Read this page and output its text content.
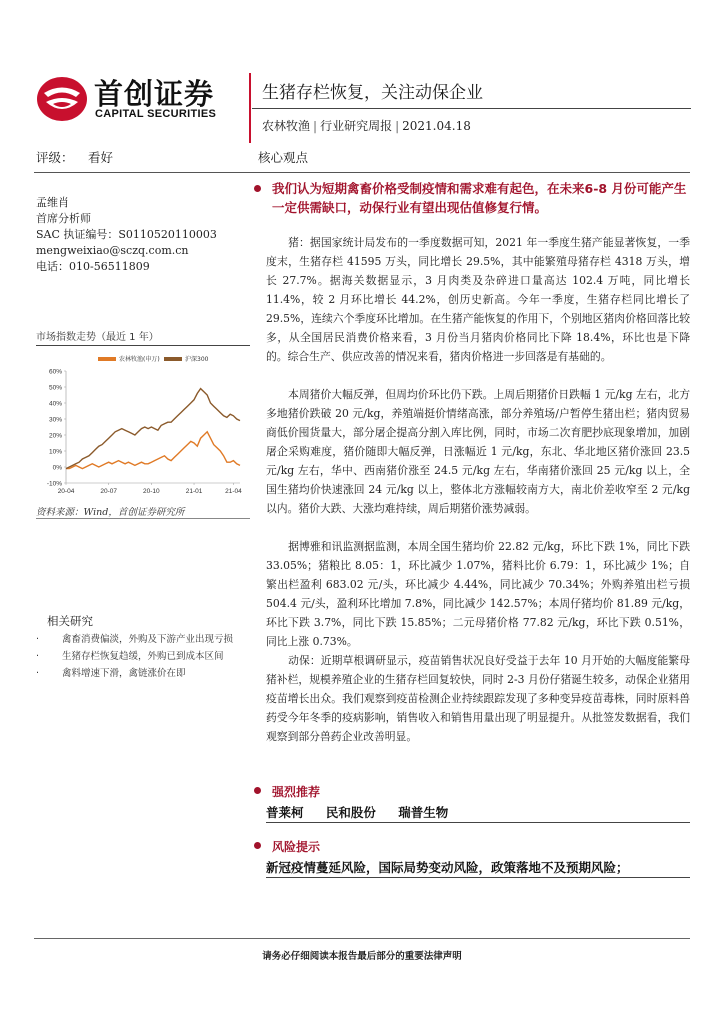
首创证券
CAPITAL SECURITIES
生猪存栏恢复，关注动保企业
农林牧渔 | 行业研究周报 | 2021.04.18
评级： 看好	核心观点
孟维肖
首席分析师
SAC 执证编号：S0110520110003
mengweixiao@sczq.com.cn
电话：010-56511809
市场指数走势（最近 1 年）
-10%
0%
10%
20%
30%
40%
50%
60%
20-04	20-07	20-10	21-01	21-04
农林牧渔(申万)	沪深300
资料来源：Wind，首创证券研究所
相关研究
· 禽畜消费偏淡，外购及下游产业出现亏损
· 生猪存栏恢复趋缓，外购已到成本区间
· 禽料增速下滑，禽链涨价在即
我们认为短期禽畜价格受制疫情和需求难有起色，在未来6-8 月份可能产生一定供需缺口，动保行业有望出现估值修复行情。
猪：据国家统计局发布的一季度数据可知，2021 年一季度生猪产能显著恢复，一季度末，生猪存栏 41595 万头，同比增长 29.5%，其中能繁殖母猪存栏 4318 万头，增长 27.7%。据海关数据显示，3 月肉类及杂碎进口量高达 102.4 万吨，同比增长 11.4%，较 2 月环比增长 44.2%，创历史新高。今年一季度，生猪存栏同比增长了 29.5%，连续六个季度环比增加。在生猪产能恢复的作用下，个别地区猪肉价格回落比较多，从全国居民消费价格来看，3 月份当月猪肉价格同比下降 18.4%，环比也是下降的。综合生产、供应改善的情况来看，猪肉价格进一步回落是有基础的。
本周猪价大幅反弹，但周均价环比仍下跌。上周后期猪价日跌幅 1 元/kg 左右，北方多地猪价跌破 20 元/kg，养殖端挺价情绪高涨，部分养殖场/户暂停生猪出栏；猪肉贸易商低价囤货量大，部分屠企提高分割入库比例，同时，市场二次育肥抄底现象增加，加剧屠企采购难度，猪价随即大幅反弹，日涨幅近 1 元/kg，东北、华北地区猪价涨回 23.5 元/kg 左右，华中、西南猪价涨至 24.5 元/kg 左右，华南猪价涨回 25 元/kg 以上，全国生猪均价快速涨回 24 元/kg 以上，整体北方涨幅较南方大，南北价差收窄至 2 元/kg 以内。猪价大跌、大涨均难持续，周后期猪价涨势减弱。
据博雅和讯监测据监测，本周全国生猪均价 22.82 元/kg，环比下跌 1%，同比下跌 33.05%；猪粮比 8.05：1，环比减少 1.07%，猪料比价 6.79：1，环比减少 1%；自繁出栏盈利 683.02 元/头，环比减少 4.44%，同比减少 70.34%；外购养殖出栏亏损 504.4 元/头，盈利环比增加 7.8%，同比减少 142.57%；本周仔猪均价 81.89 元/kg，环比下跌 3.7%，同比下跌 15.85%；二元母猪价格 77.82 元/kg，环比下跌 0.51%，同比上涨 0.73%。
动保：近期草根调研显示，疫苗销售状况良好受益于去年 10 月开始的大幅度能繁母猪补栏，规模养殖企业的生猪存栏回复较快，同时 2-3 月份仔猪诞生较多，动保企业猪用疫苗增长出众。我们观察到疫苗检测企业持续跟踪发现了多种变异疫苗毒株，同时原料兽药受今年冬季的疫病影响，销售收入和销售用量出现了明显提升。从批签发数据看，我们观察到部分兽药企业改善明显。
强烈推荐
普莱柯 民和股份 瑞普生物
风险提示
新冠疫情蔓延风险，国际局势变动风险，政策落地不及预期风险；
请务必仔细阅读本报告最后部分的重要法律声明
